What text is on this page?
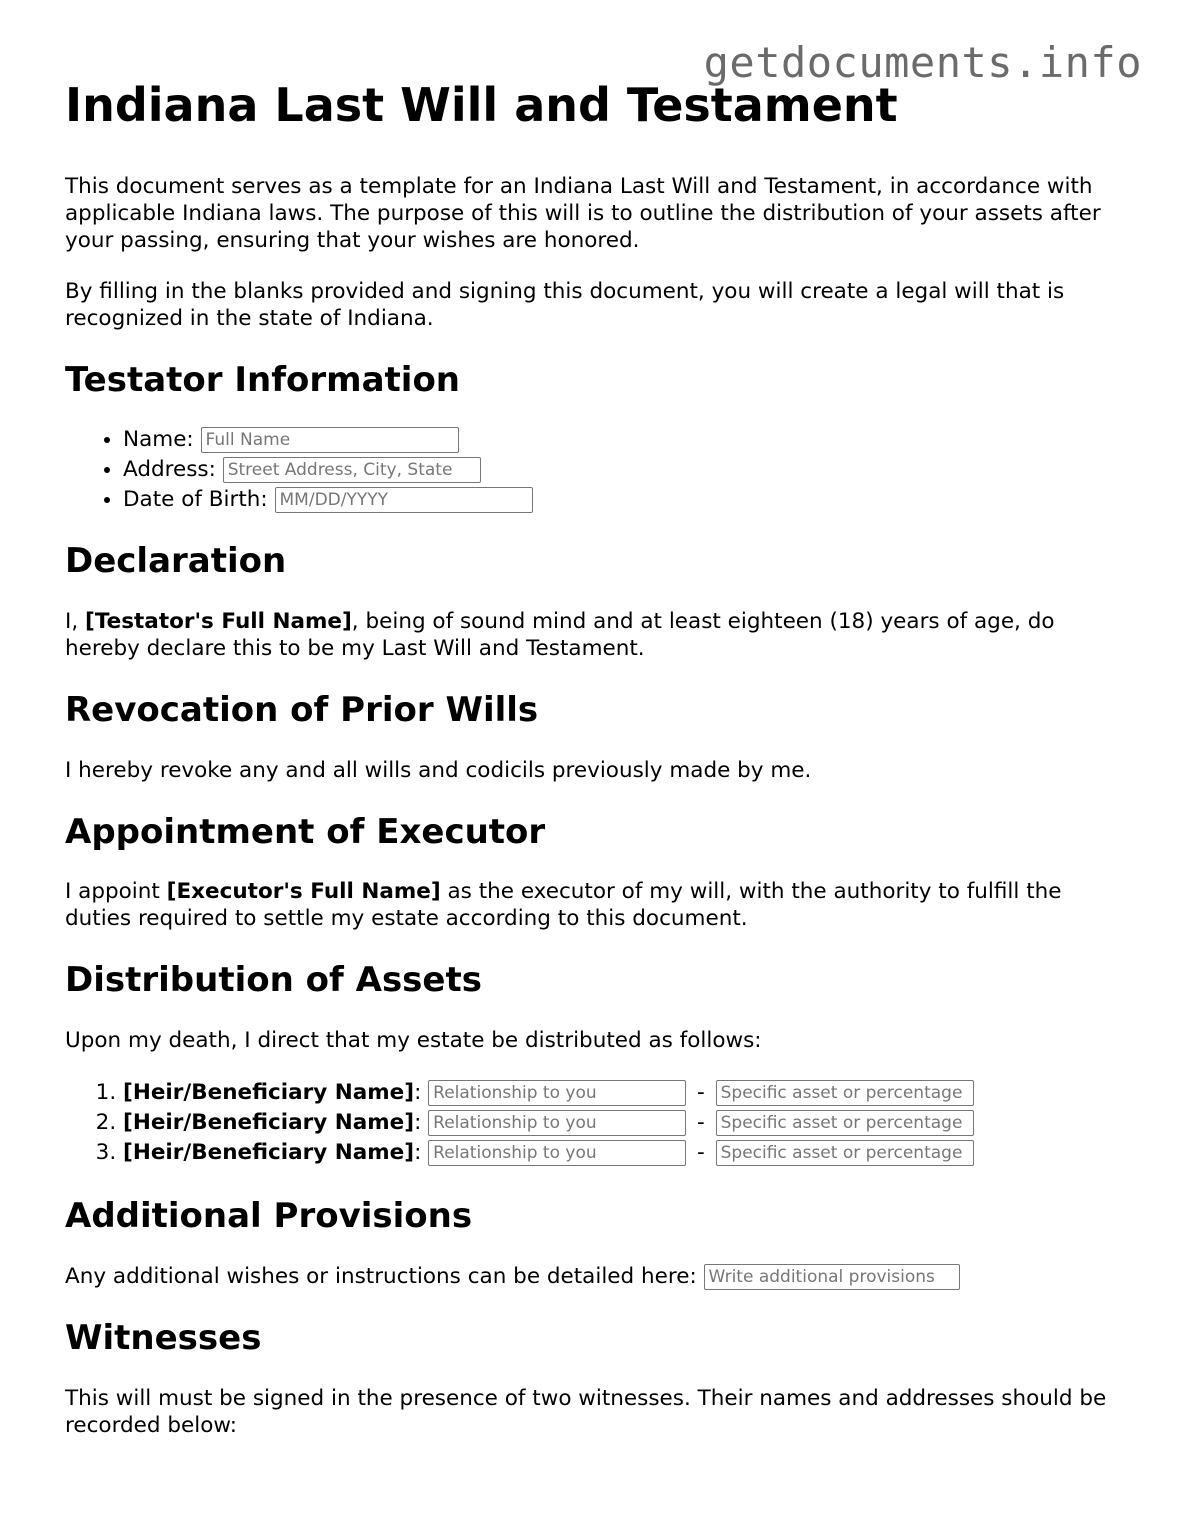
getdocuments.info
Indiana Last Will and Testament

This document serves as a template for an Indiana Last Will and Testament, in accordance with applicable Indiana laws. The purpose of this will is to outline the distribution of your assets after your passing, ensuring that your wishes are honored.

By filling in the blanks provided and signing this document, you will create a legal will that is recognized in the state of Indiana.

Testator Information
• Name: Full Name
• Address: Street Address, City, State
• Date of Birth: MM/DD/YYYY
Declaration

I, [Testator's Full Name], being of sound mind and at least eighteen (18) years of age, do hereby declare this to be my Last Will and Testament.

Revocation of Prior Wills

I hereby revoke any and all wills and codicils previously made by me.

Appointment of Executor

I appoint [Executor's Full Name] as the executor of my will, with the authority to fulfill the duties required to settle my estate according to this document.

Distribution of Assets

Upon my death, I direct that my estate be distributed as follows:

1. [Heir/Beneficiary Name]: Relationship to you	- Specific asset or percentage
2. [Heir/Beneficiary Name]: Relationship to you	- Specific asset or percentage
3. [Heir/Beneficiary Name]: Relationship to you	- Specific asset or percentage
Additional Provisions

Any additional wishes or instructions can be detailed here: Write additional provisions

Witnesses

This will must be signed in the presence of two witnesses. Their names and addresses should be recorded below:
